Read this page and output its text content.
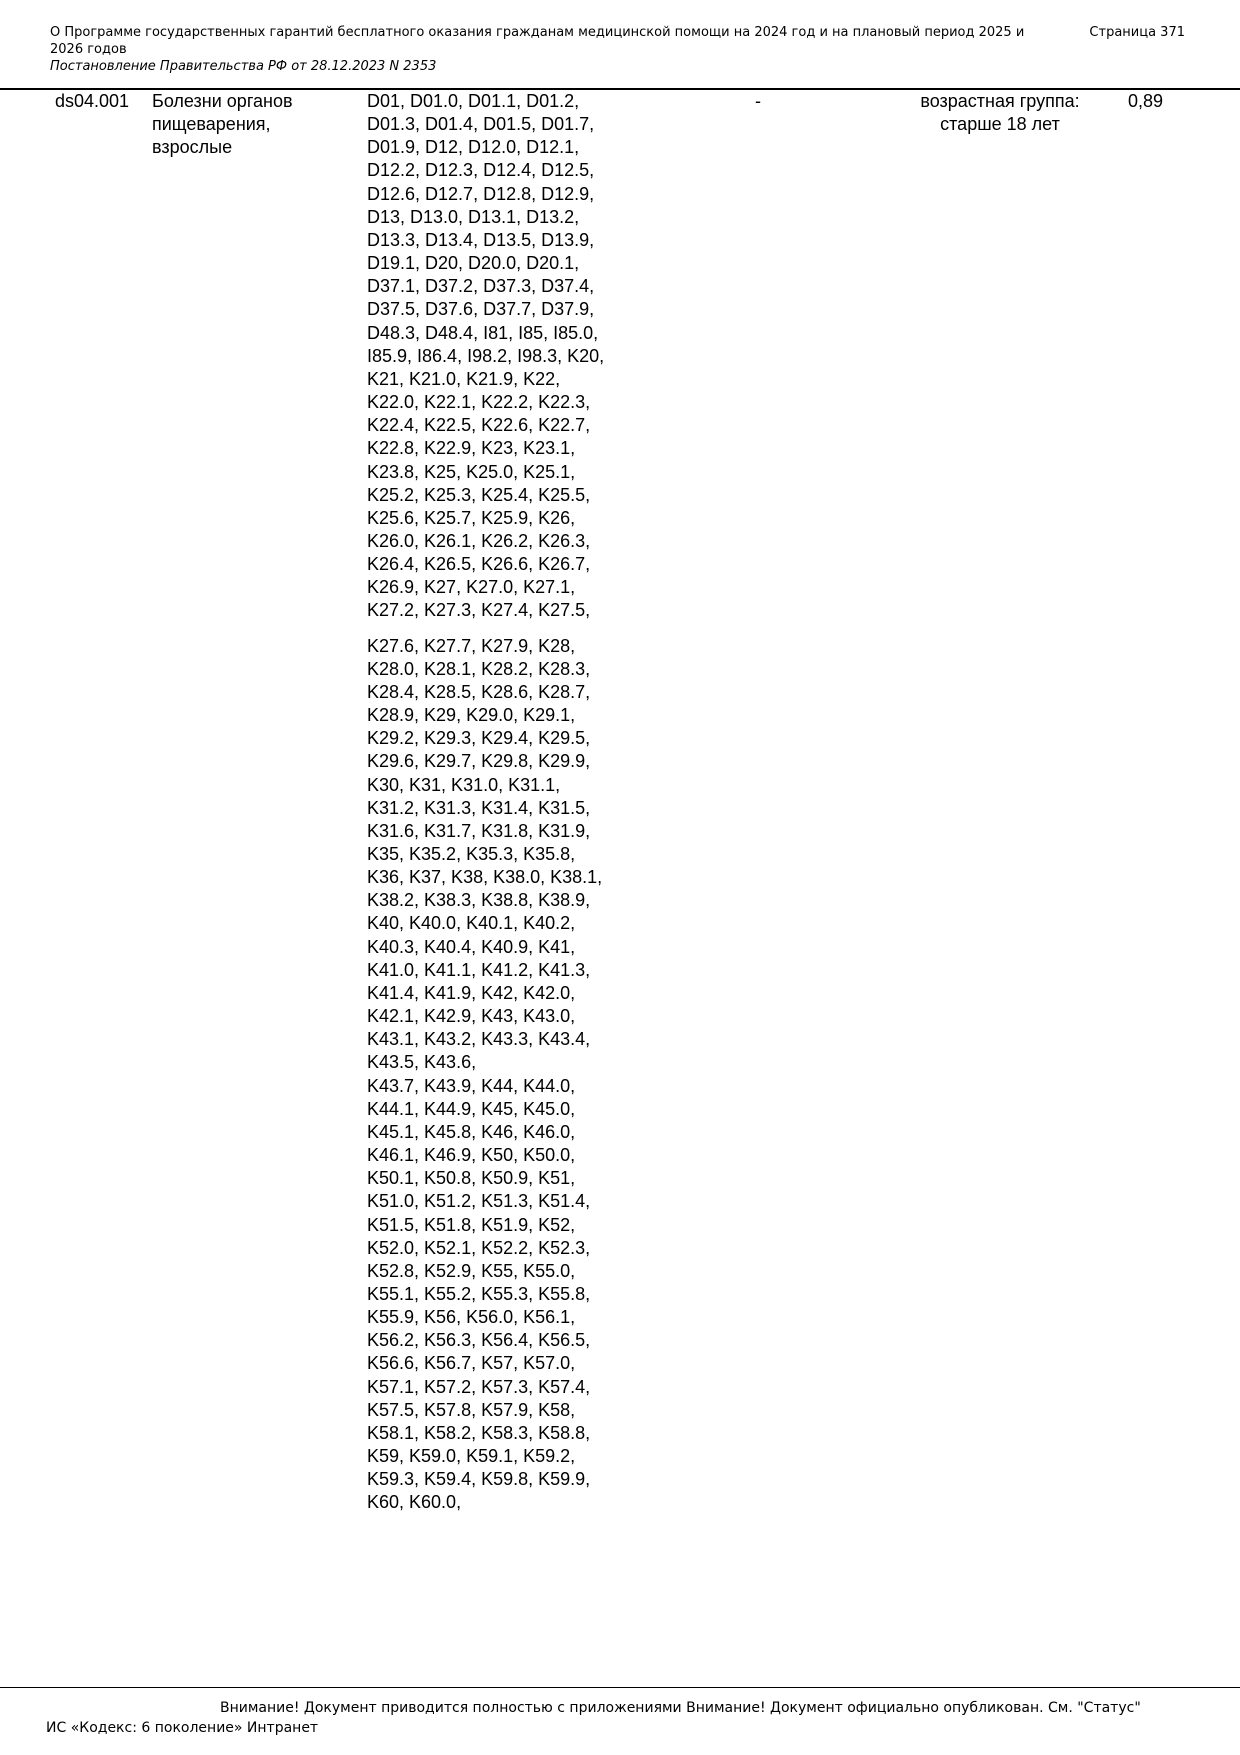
О Программе государственных гарантий бесплатного оказания гражданам медицинской помощи на 2024 год и на плановый период 2025 и 2026 годов
Постановление Правительства РФ от 28.12.2023 N 2353
Страница 371
ds04.001 Болезни органов пищеварения, взрослые
D01, D01.0, D01.1, D01.2,
D01.3, D01.4, D01.5, D01.7,
D01.9, D12, D12.0, D12.1,
D12.2, D12.3, D12.4, D12.5,
D12.6, D12.7, D12.8, D12.9,
D13, D13.0, D13.1, D13.2,
D13.3, D13.4, D13.5, D13.9,
D19.1, D20, D20.0, D20.1,
D37.1, D37.2, D37.3, D37.4,
D37.5, D37.6, D37.7, D37.9,
D48.3, D48.4, I81, I85, I85.0,
I85.9, I86.4, I98.2, I98.3, K20,
K21, K21.0, K21.9, K22,
K22.0, K22.1, K22.2, K22.3,
K22.4, K22.5, K22.6, K22.7,
K22.8, K22.9, K23, K23.1,
K23.8, K25, K25.0, K25.1,
K25.2, K25.3, K25.4, K25.5,
K25.6, K25.7, K25.9, K26,
K26.0, K26.1, K26.2, K26.3,
K26.4, K26.5, K26.6, K26.7,
K26.9, K27, K27.0, K27.1,
K27.2, K27.3, K27.4, K27.5,
K27.6, K27.7, K27.9, K28,
K28.0, K28.1, K28.2, K28.3,
K28.4, K28.5, K28.6, K28.7,
K28.9, K29, K29.0, K29.1,
K29.2, K29.3, K29.4, K29.5,
K29.6, K29.7, K29.8, K29.9,
K30, K31, K31.0, K31.1,
K31.2, K31.3, K31.4, K31.5,
K31.6, K31.7, K31.8, K31.9,
K35, K35.2, K35.3, K35.8,
K36, K37, K38, K38.0, K38.1,
K38.2, K38.3, K38.8, K38.9,
K40, K40.0, K40.1, K40.2,
K40.3, K40.4, K40.9, K41,
K41.0, K41.1, K41.2, K41.3,
K41.4, K41.9, K42, K42.0,
K42.1, K42.9, K43, K43.0,
K43.1, K43.2, K43.3, K43.4,
K43.5, K43.6,
K43.7, K43.9, K44, K44.0,
K44.1, K44.9, K45, K45.0,
K45.1, K45.8, K46, K46.0,
K46.1, K46.9, K50, K50.0,
K50.1, K50.8, K50.9, K51,
K51.0, K51.2, K51.3, K51.4,
K51.5, K51.8, K51.9, K52,
K52.0, K52.1, K52.2, K52.3,
K52.8, K52.9, K55, K55.0,
K55.1, K55.2, K55.3, K55.8,
K55.9, K56, K56.0, K56.1,
K56.2, K56.3, K56.4, K56.5,
K56.6, K56.7, K57, K57.0,
K57.1, K57.2, K57.3, K57.4,
K57.5, K57.8, K57.9, K58,
K58.1, K58.2, K58.3, K58.8,
K59, K59.0, K59.1, K59.2,
K59.3, K59.4, K59.8, K59.9,
K60, K60.0,
-	возрастная группа: старше 18 лет
0,89
Внимание! Документ приводится полностью с приложениями Внимание! Документ официально опубликован. См. "Статус"
ИС «Кодекс: 6 поколение» Интранет
